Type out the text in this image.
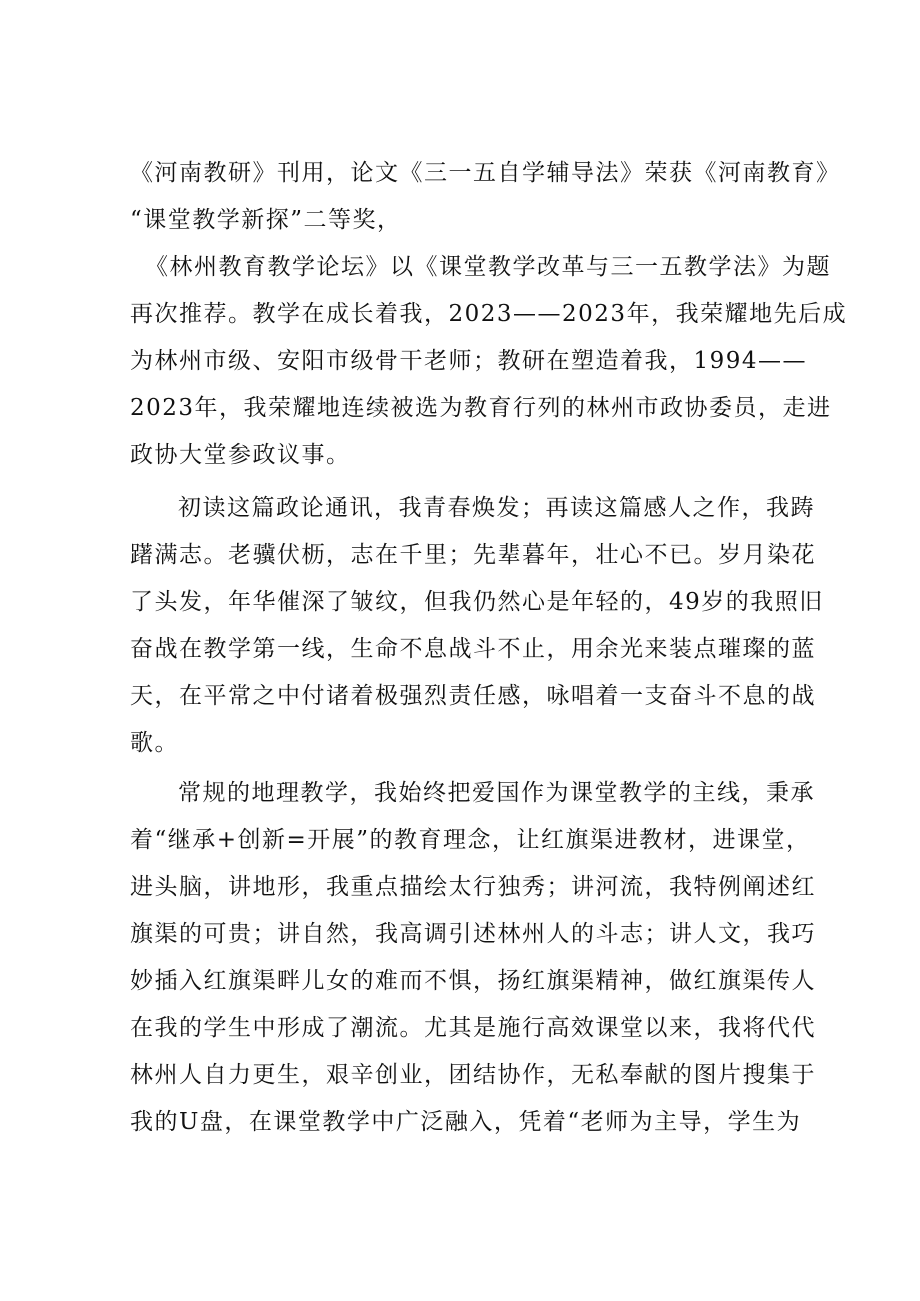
《河南教研》刊用，论文《三一五自学辅导法》荣获《河南教育》
“课堂教学新探”二等奖，
《林州教育教学论坛》以《课堂教学改革与三一五教学法》为题
再次推荐。教学在成长着我，2023——2023年，我荣耀地先后成
为林州市级、安阳市级骨干老师；教研在塑造着我，1994——
2023年，我荣耀地连续被选为教育行列的林州市政协委员，走进
政协大堂参政议事。
初读这篇政论通讯，我青春焕发；再读这篇感人之作，我踌
躇满志。老骥伏枥，志在千里；先辈暮年，壮心不已。岁月染花
了头发，年华催深了皱纹，但我仍然心是年轻的，49岁的我照旧
奋战在教学第一线，生命不息战斗不止，用余光来装点璀璨的蓝
天，在平常之中付诸着极强烈责任感，咏唱着一支奋斗不息的战
歌。
常规的地理教学，我始终把爱国作为课堂教学的主线，秉承
着“继承+创新=开展”的教育理念，让红旗渠进教材，进课堂，
进头脑，讲地形，我重点描绘太行独秀；讲河流，我特例阐述红
旗渠的可贵；讲自然，我高调引述林州人的斗志；讲人文，我巧
妙插入红旗渠畔儿女的难而不惧，扬红旗渠精神，做红旗渠传人
在我的学生中形成了潮流。尤其是施行高效课堂以来，我将代代
林州人自力更生，艰辛创业，团结协作，无私奉献的图片搜集于
我的U盘，在课堂教学中广泛融入，凭着“老师为主导，学生为
